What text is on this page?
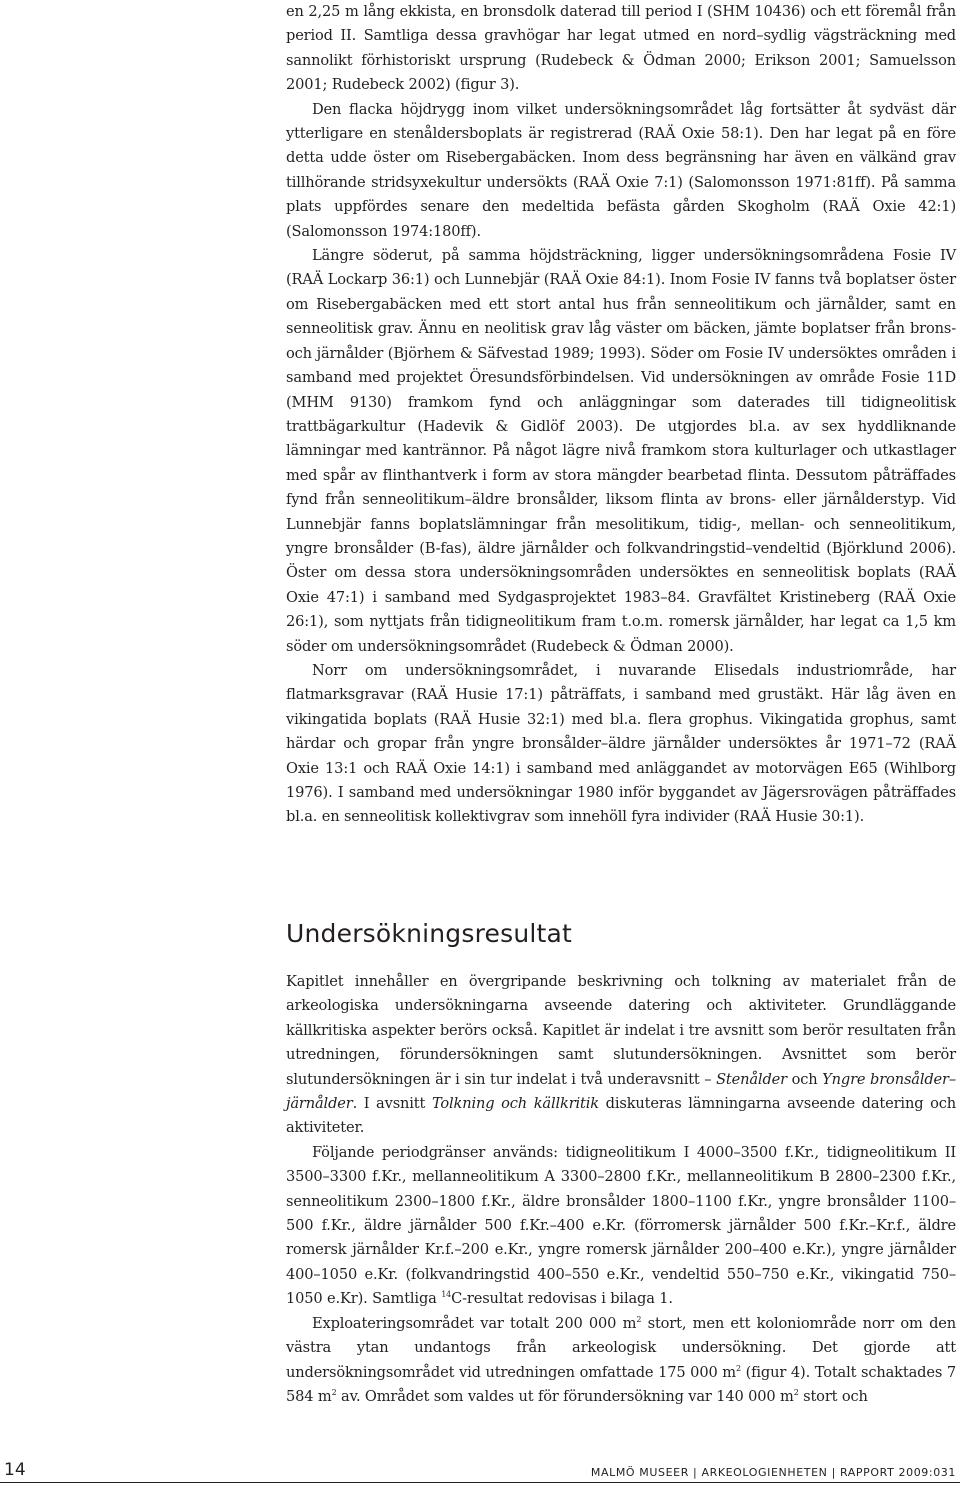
en 2,25 m lång ekkista, en bronsdolk daterad till period I (SHM 10436) och ett föremål från period II. Samtliga dessa gravhögar har legat utmed en nord–sydlig vägsträckning med sannolikt förhistoriskt ursprung (Rudebeck & Ödman 2000; Erikson 2001; Samuelsson 2001; Rudebeck 2002) (figur 3).

Den flacka höjdrygg inom vilket undersökningsområdet låg fortsätter åt sydväst där ytterligare en stenåldersboplats är registrerad (RAÄ Oxie 58:1). Den har legat på en före detta udde öster om Risebergabäcken. Inom dess begränsning har även en välkänd grav tillhörande stridsyxekultur undersökts (RAÄ Oxie 7:1) (Salomonsson 1971:81ff). På samma plats uppfördes senare den medeltida befästa gården Skogholm (RAÄ Oxie 42:1) (Salomonsson 1974:180ff).

Längre söderut, på samma höjdsträckning, ligger undersökningsområdena Fosie IV (RAÄ Lockarp 36:1) och Lunnebjär (RAÄ Oxie 84:1). Inom Fosie IV fanns två boplatser öster om Risebergabäcken med ett stort antal hus från senneolitikum och järnålder, samt en senneolitisk grav. Ännu en neolitisk grav låg väster om bäcken, jämte boplatser från brons- och järnålder (Björhem & Säfvestad 1989; 1993). Söder om Fosie IV undersöktes områden i samband med projektet Öresundsförbindelsen. Vid undersökningen av område Fosie 11D (MHM 9130) framkom fynd och anläggningar som daterades till tidigneolitisk trattbägarkultur (Hadevik & Gidlöf 2003). De utgjordes bl.a. av sex hyddliknande lämningar med kantrännor. På något lägre nivå framkom stora kulturlager och utkastlager med spår av flinthantverk i form av stora mängder bearbetad flinta. Dessutom påträffades fynd från senneolitikum–äldre bronsålder, liksom flinta av brons- eller järnålderstyp. Vid Lunnebjär fanns boplatslämningar från mesolitikum, tidig-, mellan- och senneolitikum, yngre bronsålder (B-fas), äldre järnålder och folkvandringstid–vendeltid (Björklund 2006). Öster om dessa stora undersökningsområden undersöktes en senneolitisk boplats (RAÄ Oxie 47:1) i samband med Sydgasprojektet 1983–84. Gravfältet Kristineberg (RAÄ Oxie 26:1), som nyttjats från tidigneolitikum fram t.o.m. romersk järnålder, har legat ca 1,5 km söder om undersökningsområdet (Rudebeck & Ödman 2000).

Norr om undersökningsområdet, i nuvarande Elisedals industriområde, har flatmarksgravar (RAÄ Husie 17:1) påträffats, i samband med grustäkt. Här låg även en vikingatida boplats (RAÄ Husie 32:1) med bl.a. flera grophus. Vikingatida grophus, samt härdar och gropar från yngre bronsålder–äldre järnålder undersöktes år 1971–72 (RAÄ Oxie 13:1 och RAÄ Oxie 14:1) i samband med anläggandet av motorvägen E65 (Wihlborg 1976). I samband med undersökningar 1980 inför byggandet av Jägersrovägen påträffades bl.a. en senneolitisk kollektivgrav som innehöll fyra individer (RAÄ Husie 30:1).

Undersökningsresultat

Kapitlet innehåller en övergripande beskrivning och tolkning av materialet från de arkeologiska undersökningarna avseende datering och aktiviteter. Grundläggande källkritiska aspekter berörs också. Kapitlet är indelat i tre avsnitt som berör resultaten från utredningen, förundersökningen samt slutundersökningen. Avsnittet som berör slutundersökningen är i sin tur indelat i två underavsnitt – Stenålder och Yngre bronsålder–järnålder. I avsnitt Tolkning och källkritik diskuteras lämningarna avseende datering och aktiviteter.

Följande periodgränser används: tidigneolitikum I 4000–3500 f.Kr., tidigneolitikum II 3500–3300 f.Kr., mellanneolitikum A 3300–2800 f.Kr., mellanneolitikum B 2800–2300 f.Kr., senneolitikum 2300–1800 f.Kr., äldre bronsålder 1800–1100 f.Kr., yngre bronsålder 1100–500 f.Kr., äldre järnålder 500 f.Kr.–400 e.Kr. (förromersk järnålder 500 f.Kr.–Kr.f., äldre romersk järnålder Kr.f.–200 e.Kr., yngre romersk järnålder 200–400 e.Kr.), yngre järnålder 400–1050 e.Kr. (folkvandringstid 400–550 e.Kr., vendeltid 550–750 e.Kr., vikingatid 750–1050 e.Kr). Samtliga $^{14}$C-resultat redovisas i bilaga 1.

Exploateringsområdet var totalt 200 000 $m^2$ stort, men ett koloniområde norr om den västra ytan undantogs från arkeologisk undersökning. Det gjorde att undersökningsområdet vid utredningen omfattade 175 000 $m^2$ (figur 4). Totalt schaktades 7 584 $m^2$ av. Området som valdes ut för förundersökning var 140 000 $m^2$ stort och

14	MALMÖ MUSEER | ARKEOLOGIENHETEN | RAPPORT 2009:031
